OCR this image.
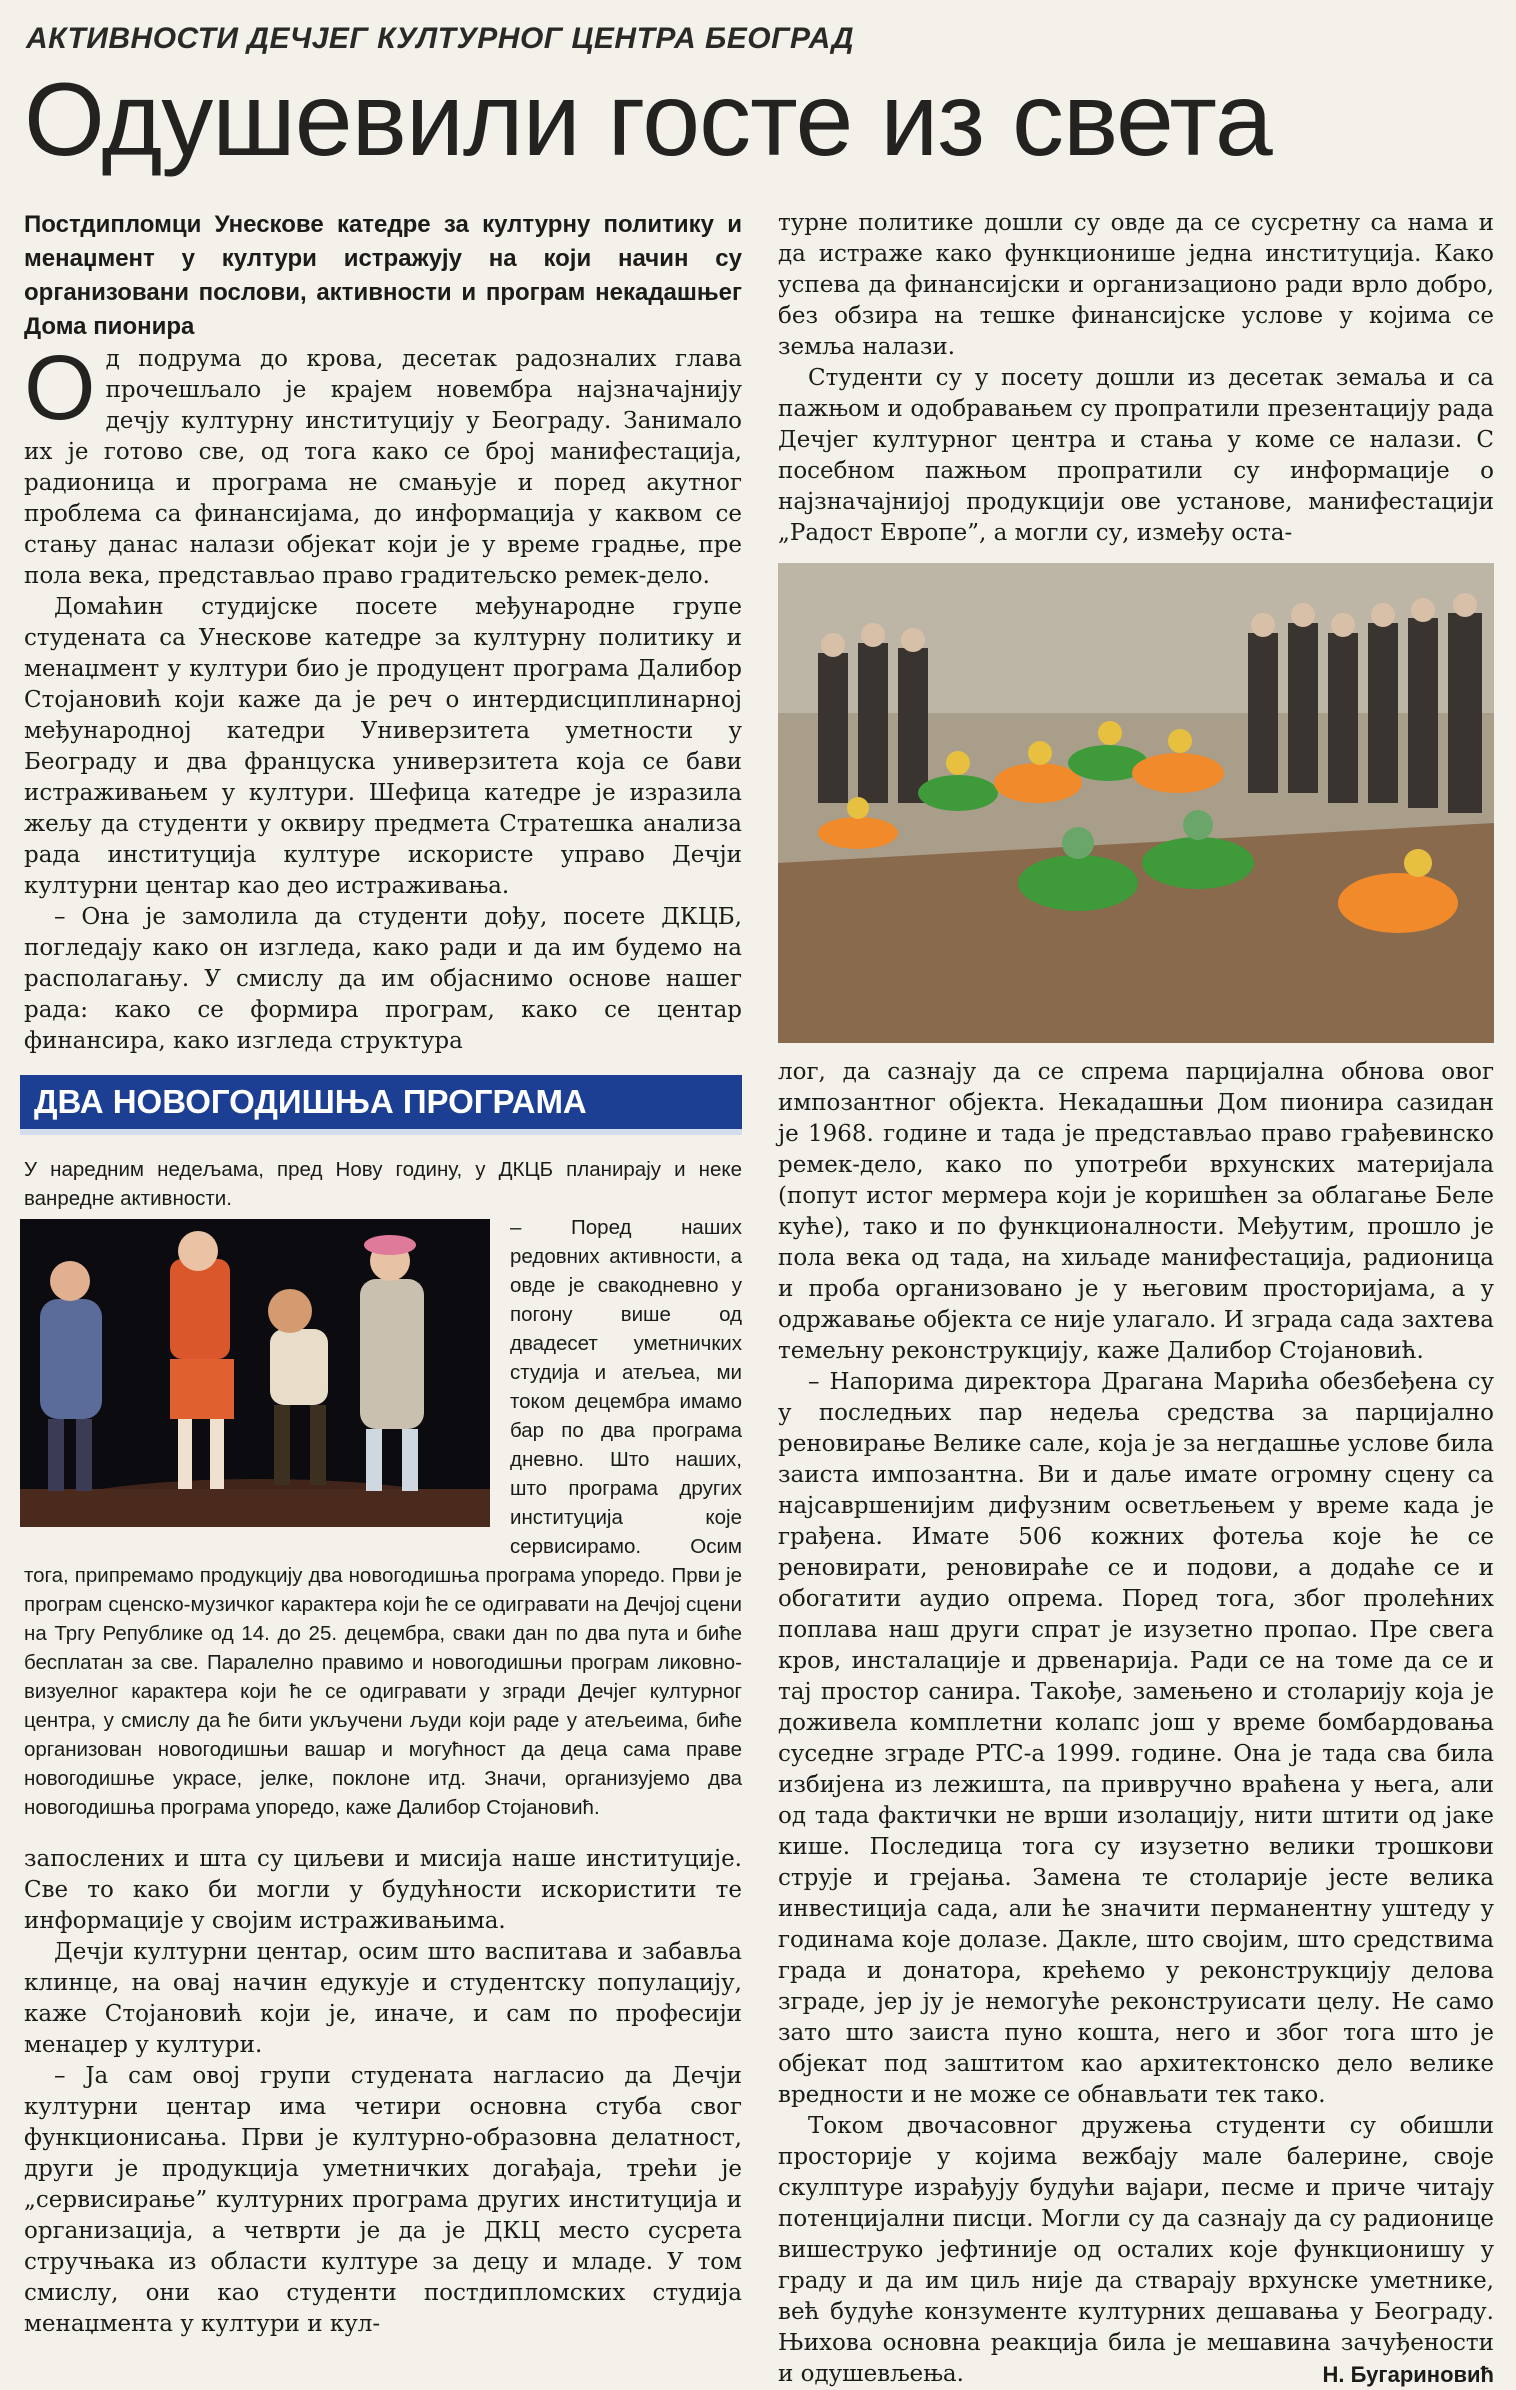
АКТИВНОСТИ ДЕЧЈЕГ КУЛТУРНОГ ЦЕНТРА БЕОГРАД
Одушевили госте из света

Постдипломци Унескове катедре за културну политику и менаџмент у култури истражују на који начин су организовани послови, активности и програм некадашњег Дома пионира

Од подрума до крова, десетак радозналих глава прочешљало је крајем новембра најзначајнију дечју културну институцију у Београду. Занимало их је готово све, од тога како се број манифестација, радионица и програма не смањује и поред акутног проблема са финансијама, до информација у каквом се стању данас налази објекат који је у време градње, пре пола века, представљао право градитељско ремек-дело.

Домаћин студијске посете међународне групе студената са Унескове катедре за културну политику и менаџмент у култури био је продуцент програма Далибор Стојановић који каже да је реч о интердисциплинарној међународној катедри Универзитета уметности у Београду и два француска универзитета која се бави истраживањем у култури. Шефица катедре је изразила жељу да студенти у оквиру предмета Стратешка анализа рада институција културе искористе управо Дечји културни центар као део истраживања.

– Она је замолила да студенти дођу, посете ДКЦБ, погледају како он изгледа, како ради и да им будемо на располагању. У смислу да им објаснимо основе нашег рада: како се формира програм, како се центар финансира, како изгледа структура

ДВА НОВОГОДИШЊА ПРОГРАМА

У наредним недељама, пред Нову годину, у ДКЦБ планирају и неке ванредне активности.

– Поред наших редовних активности, а овде је свакодневно у погону више од двадесет уметничких студија и атељеа, ми током децембра имамо бар по два програма дневно. Што наших, што програма других институција које сервисирамо. Осим тога, припремамо продукцију два новогодишња програма упоредо. Први је програм сценско-музичког карактера који ће се одигравати на Дечјој сцени на Тргу Републике од 14. до 25. децембра, сваки дан по два пута и биће бесплатан за све. Паралелно правимо и новогодишњи програм ликовно-визуелног карактера који ће се одигравати у згради Дечјег културног центра, у смислу да ће бити укључени људи који раде у атељеима, биће организован новогодишњи вашар и могућност да деца сама праве новогодишње украсе, јелке, поклоне итд. Значи, организујемо два новогодишња програма упоредо, каже Далибор Стојановић.

запослених и шта су циљеви и мисија наше институције. Све то како би могли у будућности искористити те информације у својим истраживањима.

Дечји културни центар, осим што васпитава и забавља клинце, на овај начин едукује и студентску популацију, каже Стојановић који је, иначе, и сам по професији менаџер у култури.

– Ја сам овој групи студената нагласио да Дечји културни центар има четири основна стуба свог функционисања. Први је културно-образовна делатност, други је продукција уметничких догађаја, трећи је „сервисирање” културних програма других институција и организација, а четврти је да је ДКЦ место сусрета стручњака из области културе за децу и младе. У том смислу, они као студенти постдипломских студија менаџмента у култури и кул-

турне политике дошли су овде да се сусретну са нама и да истраже како функционише једна институција. Како успева да финансијски и организационо ради врло добро, без обзира на тешке финансијске услове у којима се земља налази.

Студенти су у посету дошли из десетак земаља и са пажњом и одобравањем су пропратили презентацију рада Дечјег културног центра и стања у коме се налази. С посебном пажњом пропратили су информације о најзначајнијој продукцији ове установе, манифестацији „Радост Европе”, а могли су, између оста-

лог, да сазнају да се спрема парцијална обнова овог импозантног објекта. Некадашњи Дом пионира сазидан је 1968. године и тада је представљао право грађевинско ремек-дело, како по употреби врхунских материјала (попут истог мермера који је коришћен за облагање Беле куће), тако и по функционалности. Међутим, прошло је пола века од тада, на хиљаде манифестација, радионица и проба организовано је у његовим просторијама, а у одржавање објекта се није улагало. И зграда сада захтева темељну реконструкцију, каже Далибор Стојановић.

– Напорима директора Драгана Марића обезбеђена су у последњих пар недеља средства за парцијално реновирање Велике сале, која је за негдашње услове била заиста импозантна. Ви и даље имате огромну сцену са најсавршенијим дифузним осветљењем у време када је грађена. Имате 506 кожних фотеља које ће се реновирати, реновираће се и подови, а додаће се и обогатити аудио опрема. Поред тога, због пролећних поплава наш други спрат је изузетно пропао. Пре свега кров, инсталације и дрвенарија. Ради се на томе да се и тај простор санира. Такође, замењено и столарију која је доживела комплетни колапс још у време бомбардовања суседне зграде РТС-а 1999. године. Она је тада сва била избијена из лежишта, па привручно враћена у њега, али од тада фактички не врши изолацију, нити штити од јаке кише. Последица тога су изузетно велики трошкови струје и грејања. Замена те столарије јесте велика инвестиција сада, али ће значити перманентну уштеду у годинама које долазе. Дакле, што својим, што средствима града и донатора, крећемо у реконструкцију делова зграде, јер ју је немогуће реконструисати целу. Не само зато што заиста пуно кошта, него и због тога што је објекат под заштитом као архитектонско дело велике вредности и не може се обнављати тек тако.

Током двочасовног дружења студенти су обишли просторије у којима вежбају мале балерине, своје скулптуре израђују будући вајари, песме и приче читају потенцијални писци. Могли су да сазнају да су радионице вишеструко јефтиније од осталих које функционишу у граду и да им циљ није да стварају врхунске уметнике, већ будуће конзументе културних дешавања у Београду. Њихова основна реакција била је мешавина зачуђености и одушевљења.	Н. Бугариновић
